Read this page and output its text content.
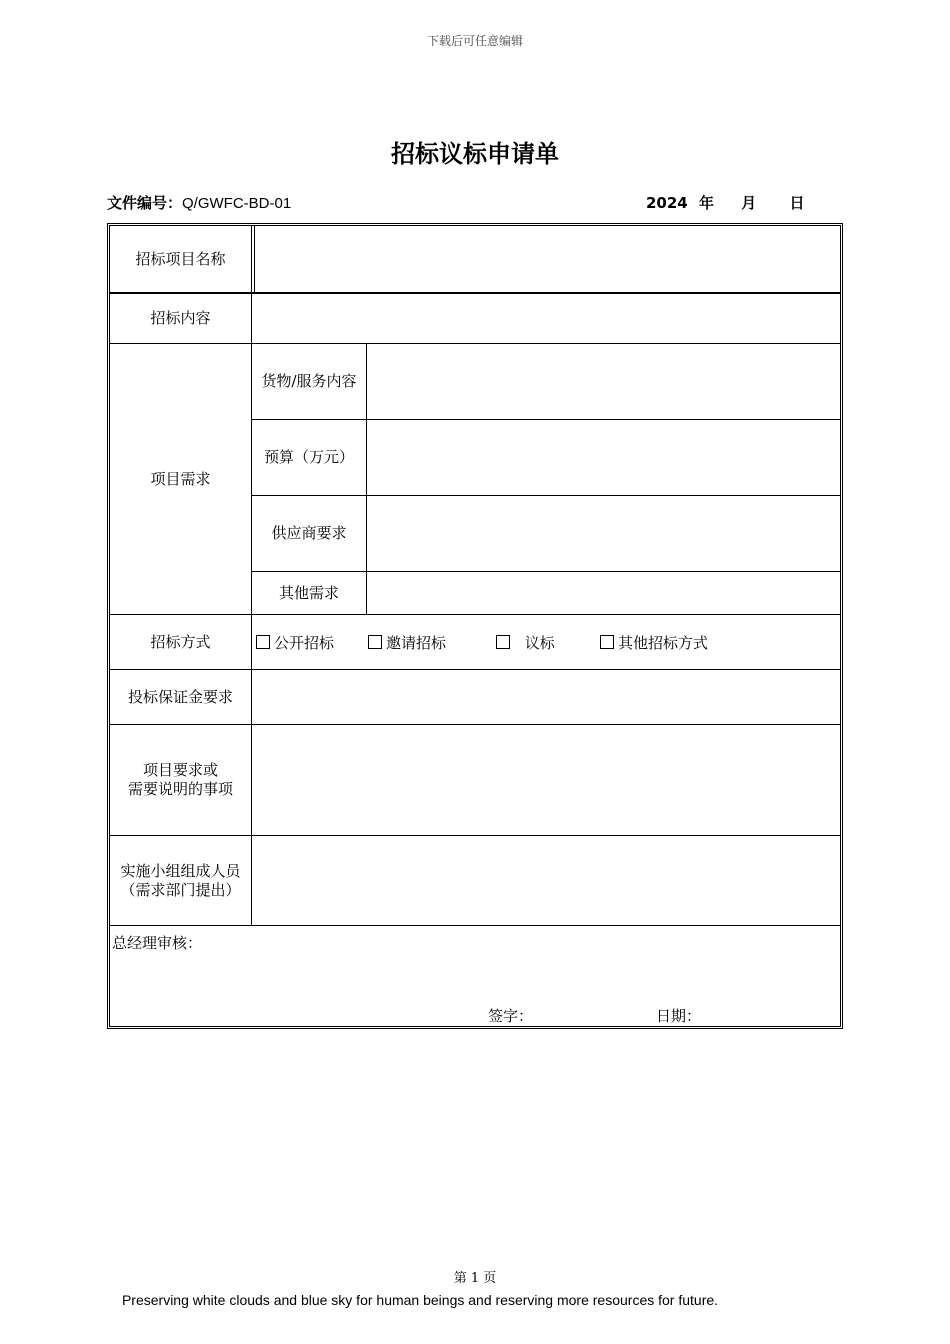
下载后可任意编辑
招标议标申请单
文件编号：Q/GWFC-BD-01	2024 年 月 日
招标项目名称
招标内容
项目需求
货物/服务内容
预算（万元）
供应商要求
其他需求
招标方式	公开招标	邀请招标	议标	其他招标方式
投标保证金要求
项目要求或
需要说明的事项
实施小组组成人员
（需求部门提出）
总经理审核：
签字：	日期：
第 1 页
Preserving white clouds and blue sky for human beings and reserving more resources for future.
